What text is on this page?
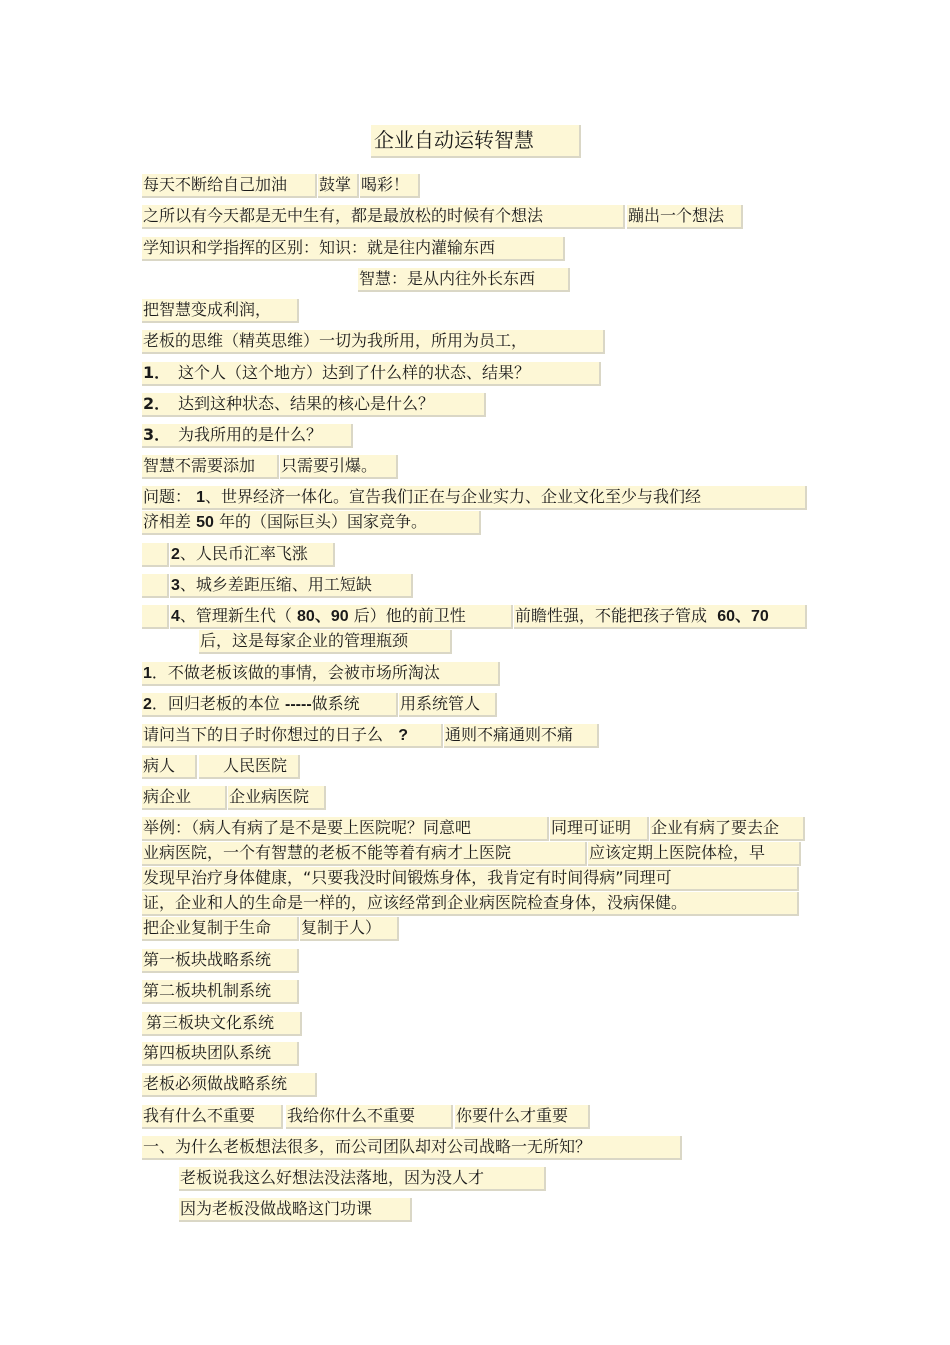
企业自动运转智慧
每天不断给自己加油	鼓掌 喝彩！
之所以有今天都是无中生有，都是最放松的时候有个想法	蹦出一个想法
学知识和学指挥的区别：知识：就是往内灌输东西
智慧：是从内往外长东西
把智慧变成利润，
老板的思维（精英思维）一切为我所用，所用为员工，
1． 这个人（这个地方）达到了什么样的状态、结果？
2． 达到这种状态、结果的核心是什么？
3． 为我所用的是什么？
智慧不需要添加	只需要引爆。
问题： 1、世界经济一体化。宣告我们正在与企业实力、企业文化至少与我们经
济相差 50 年的（国际巨头）国家竞争。
2、人民币汇率飞涨
3、城乡差距压缩、用工短缺
4、管理新生代（ 80、90 后）他的前卫性	前瞻性强，不能把孩子管成 60、70
后，这是每家企业的管理瓶颈
1．不做老板该做的事情，会被市场所淘汰
2．回归老板的本位 -----做系统	用系统管人
请问当下的日子时你想过的日子么 ?	通则不痛通则不痛
病人	人民医院
病企业	企业病医院
举例：（病人有病了是不是要上医院呢？同意吧	同理可证明	企业有病了要去企
业病医院，一个有智慧的老板不能等着有病才上医院	应该定期上医院体检，早
发现早治疗身体健康，“只要我没时间锻炼身体，我肯定有时间得病”同理可
证，企业和人的生命是一样的，应该经常到企业病医院检查身体，没病保健。
把企业复制于生命	复制于人）
第一板块战略系统
第二板块机制系统
第三板块文化系统
第四板块团队系统
老板必须做战略系统
我有什么不重要	我给你什么不重要	你要什么才重要
一、为什么老板想法很多，而公司团队却对公司战略一无所知？
老板说我这么好想法没法落地，因为没人才
因为老板没做战略这门功课
